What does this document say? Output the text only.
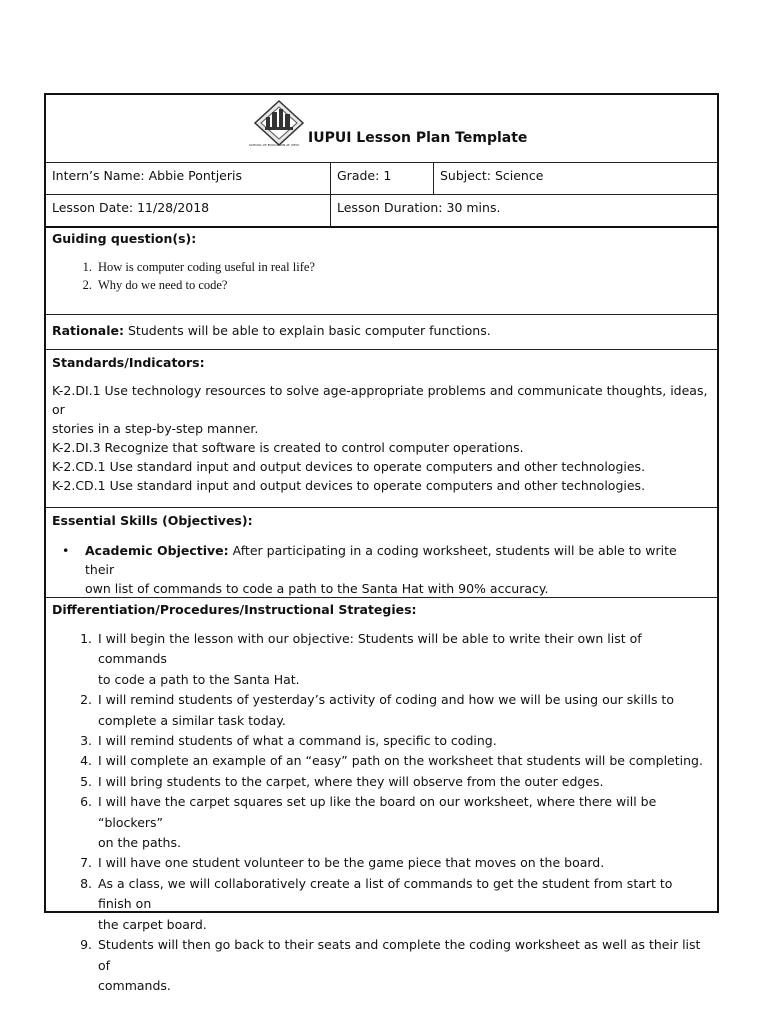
SCHOOL OF EDUCATION AT IUPUI IUPUI Lesson Plan Template
Intern’s Name: Abbie Pontjeris	Grade: 1	Subject: Science
Lesson Date: 11/28/2018	Lesson Duration: 30 mins.
Guiding question(s):
1. How is computer coding useful in real life?
2. Why do we need to code?
Rationale: Students will be able to explain basic computer functions.
Standards/Indicators:
K-2.DI.1 Use technology resources to solve age-appropriate problems and communicate thoughts, ideas, or
stories in a step-by-step manner.
K-2.DI.3 Recognize that software is created to control computer operations.
K-2.CD.1 Use standard input and output devices to operate computers and other technologies.
K-2.CD.1 Use standard input and output devices to operate computers and other technologies.
Essential Skills (Objectives):
•	Academic Objective: After participating in a coding worksheet, students will be able to write their
own list of commands to code a path to the Santa Hat with 90% accuracy.
Differentiation/Procedures/Instructional Strategies:
1. I will begin the lesson with our objective: Students will be able to write their own list of commands
to code a path to the Santa Hat.
2. I will remind students of yesterday’s activity of coding and how we will be using our skills to
complete a similar task today.
3. I will remind students of what a command is, specific to coding.
4. I will complete an example of an “easy” path on the worksheet that students will be completing.
5. I will bring students to the carpet, where they will observe from the outer edges.
6. I will have the carpet squares set up like the board on our worksheet, where there will be “blockers”
on the paths.
7. I will have one student volunteer to be the game piece that moves on the board.
8. As a class, we will collaboratively create a list of commands to get the student from start to finish on
the carpet board.
9. Students will then go back to their seats and complete the coding worksheet as well as their list of
commands.
